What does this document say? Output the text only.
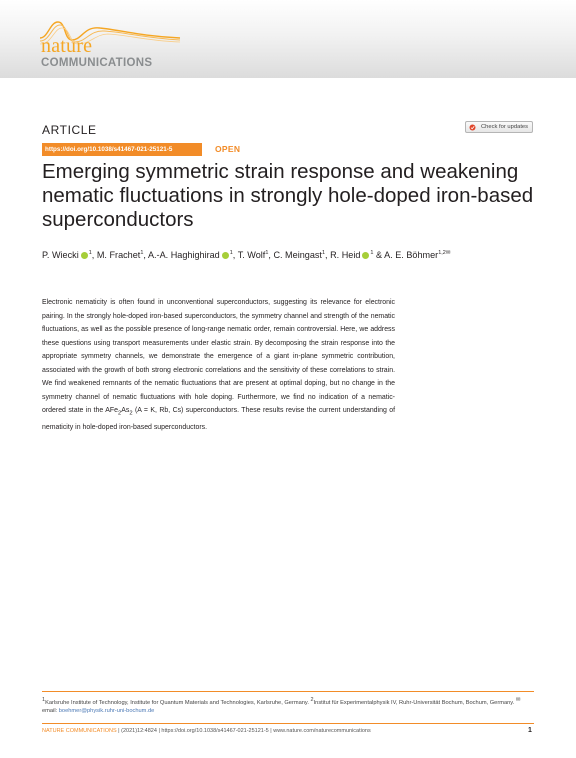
nature
COMMUNICATIONS
ARTICLE
https://doi.org/10.1038/s41467-021-25121-5	OPEN
Check for updates
Emerging symmetric strain response and weakening nematic fluctuations in strongly hole-doped iron-based superconductors
P. Wiecki $^1$, M. Frachet$^1$, A.-A. Haghighirad $^1$, T. Wolf$^1$, C. Meingast$^1$, R. Heid $^1$ & A. E. Böhmer$^{1,2✉}$

Electronic nematicity is often found in unconventional superconductors, suggesting its relevance for electronic pairing. In the strongly hole-doped iron-based superconductors, the symmetry channel and strength of the nematic fluctuations, as well as the possible presence of long-range nematic order, remain controversial. Here, we address these questions using transport measurements under elastic strain. By decomposing the strain response into the appropriate symmetry channels, we demonstrate the emergence of a giant in-plane symmetric contribution, associated with the growth of both strong electronic correlations and the sensitivity of these correlations to strain. We find weakened remnants of the nematic fluctuations that are present at optimal doping, but no change in the symmetry channel of nematic fluctuations with hole doping. Furthermore, we find no indication of a nematic-ordered state in the $AFe_2As_2$ (A = K, Rb, Cs) superconductors. These results revise the current understanding of nematicity in hole-doped iron-based superconductors.

$^1$Karlsruhe Institute of Technology, Institute for Quantum Materials and Technologies, Karlsruhe, Germany. $^2$Institut für Experimentalphysik IV, Ruhr-Universität Bochum, Bochum, Germany. ✉email: boehmer@physik.ruhr-uni-bochum.de

NATURE COMMUNICATIONS | (2021)12:4824 | https://doi.org/10.1038/s41467-021-25121-5 | www.nature.com/naturecommunications	1
